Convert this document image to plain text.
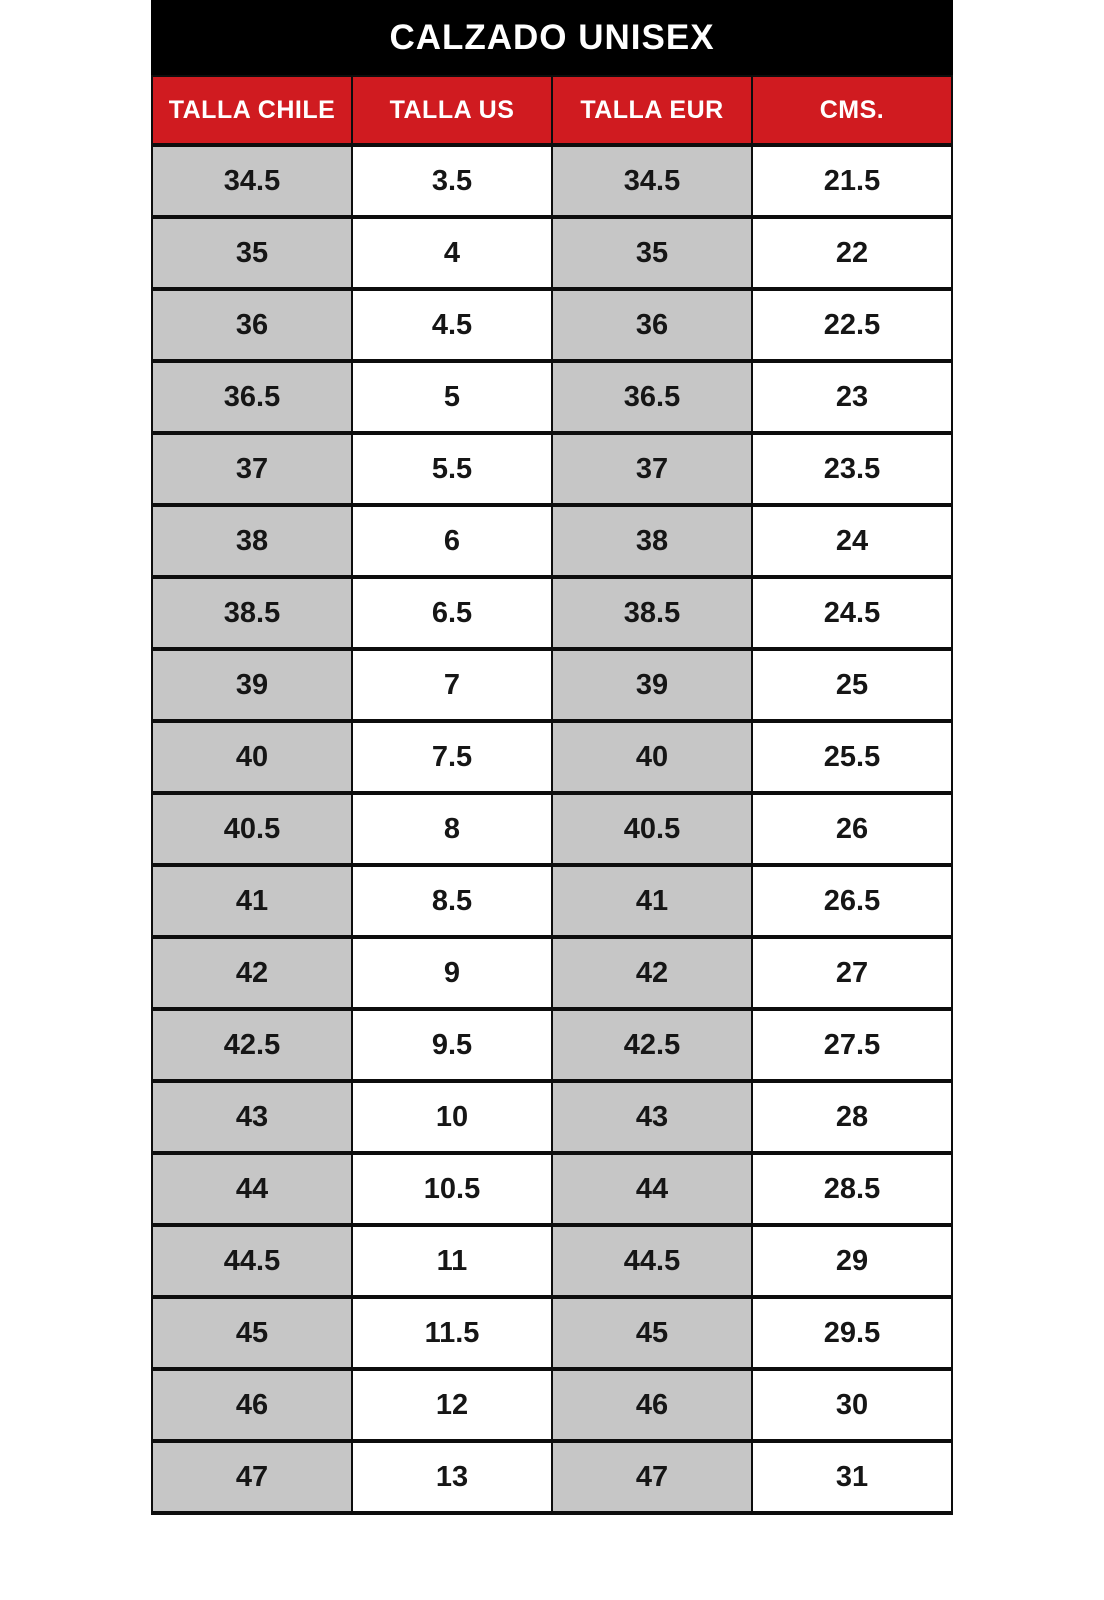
CALZADO UNISEX
TALLA CHILE	TALLA US	TALLA EUR	CMS.
34.5	3.5	34.5	21.5
35	4	35	22
36	4.5	36	22.5
36.5	5	36.5	23
37	5.5	37	23.5
38	6	38	24
38.5	6.5	38.5	24.5
39	7	39	25
40	7.5	40	25.5
40.5	8	40.5	26
41	8.5	41	26.5
42	9	42	27
42.5	9.5	42.5	27.5
43	10	43	28
44	10.5	44	28.5
44.5	11	44.5	29
45	11.5	45	29.5
46	12	46	30
47	13	47	31
